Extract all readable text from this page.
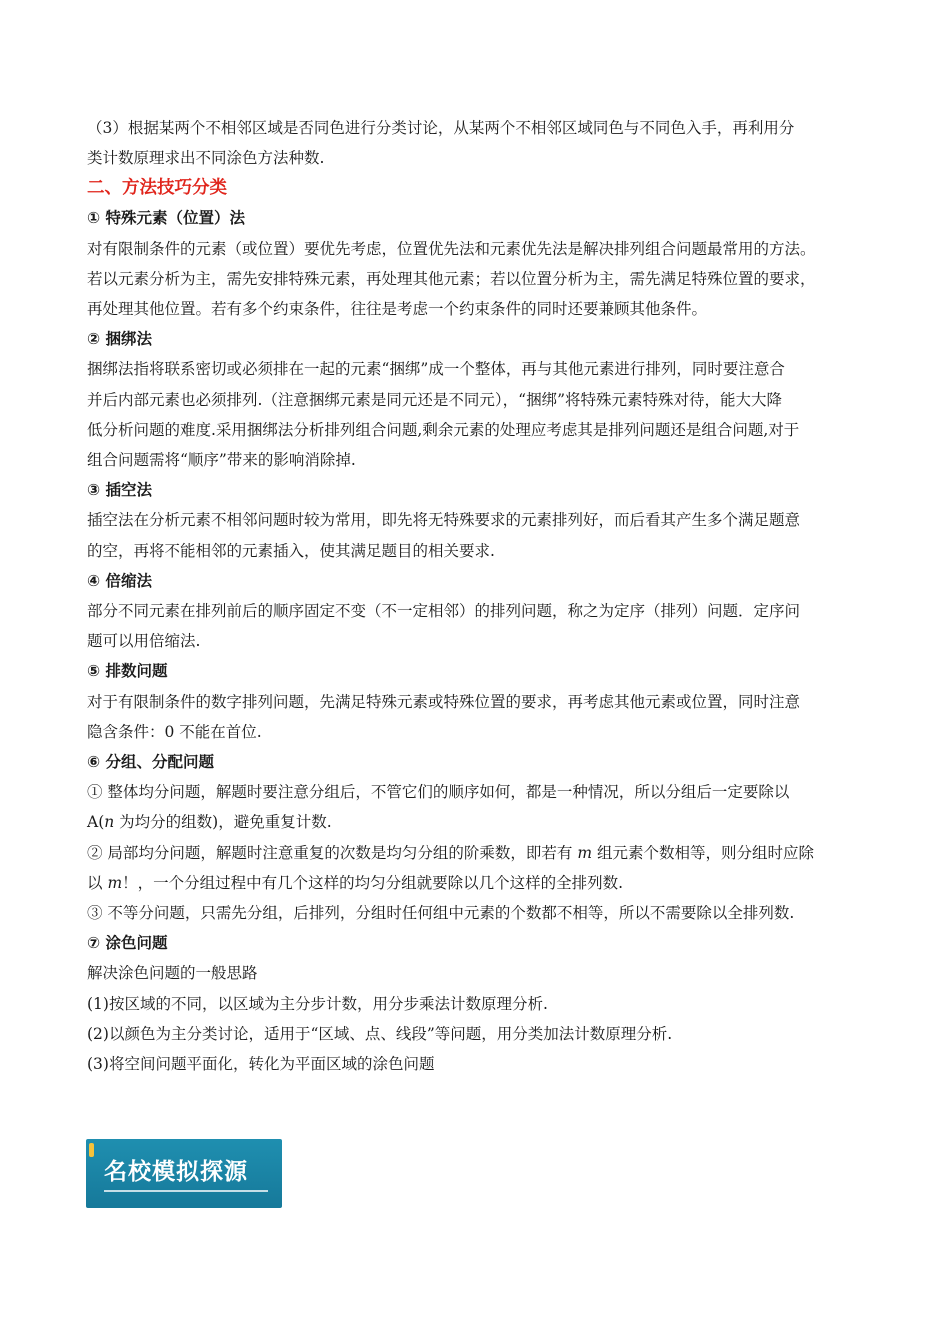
（3）根据某两个不相邻区域是否同色进行分类讨论，从某两个不相邻区域同色与不同色入手，再利用分
类计数原理求出不同涂色方法种数.
二、方法技巧分类
① 特殊元素（位置）法
对有限制条件的元素（或位置）要优先考虑，位置优先法和元素优先法是解决排列组合问题最常用的方法。
若以元素分析为主，需先安排特殊元素，再处理其他元素；若以位置分析为主，需先满足特殊位置的要求，
再处理其他位置。若有多个约束条件，往往是考虑一个约束条件的同时还要兼顾其他条件。
② 捆绑法
捆绑法指将联系密切或必须排在一起的元素“捆绑”成一个整体，再与其他元素进行排列，同时要注意合
并后内部元素也必须排列.（注意捆绑元素是同元还是不同元），“捆绑”将特殊元素特殊对待，能大大降
低分析问题的难度.采用捆绑法分析排列组合问题,剩余元素的处理应考虑其是排列问题还是组合问题,对于
组合问题需将“顺序”带来的影响消除掉.
③ 插空法
插空法在分析元素不相邻问题时较为常用，即先将无特殊要求的元素排列好，而后看其产生多个满足题意
的空，再将不能相邻的元素插入，使其满足题目的相关要求.
④ 倍缩法
部分不同元素在排列前后的顺序固定不变（不一定相邻）的排列问题，称之为定序（排列）问题．定序问
题可以用倍缩法.
⑤ 排数问题
对于有限制条件的数字排列问题，先满足特殊元素或特殊位置的要求，再考虑其他元素或位置，同时注意
隐含条件：0 不能在首位.
⑥ 分组、分配问题
① 整体均分问题，解题时要注意分组后，不管它们的顺序如何，都是一种情况，所以分组后一定要除以
A(n 为均分的组数)，避免重复计数.
② 局部均分问题，解题时注意重复的次数是均匀分组的阶乘数，即若有 m 组元素个数相等，则分组时应除
以 m！，一个分组过程中有几个这样的均匀分组就要除以几个这样的全排列数.
③ 不等分问题，只需先分组，后排列，分组时任何组中元素的个数都不相等，所以不需要除以全排列数.
⑦ 涂色问题
解决涂色问题的一般思路
(1)按区域的不同，以区域为主分步计数，用分步乘法计数原理分析.
(2)以颜色为主分类讨论，适用于“区域、点、线段”等问题，用分类加法计数原理分析.
(3)将空间问题平面化，转化为平面区域的涂色问题
名校模拟探源
